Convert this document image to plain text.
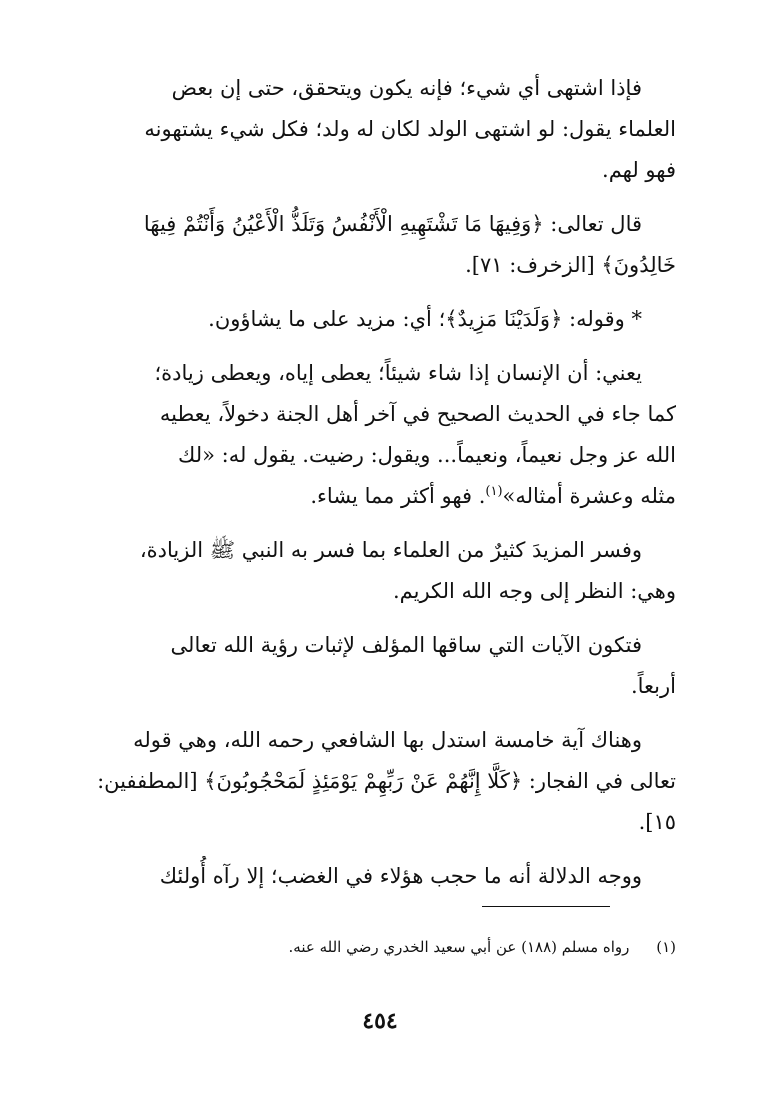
فإذا اشتهى أي شيء؛ فإنه يكون ويتحقق، حتى إن بعض
العلماء يقول: لو اشتهى الولد لكان له ولد؛ فكل شيء يشتهونه
فهو لهم.

قال تعالى: ﴿وَفِيهَا مَا تَشْتَهِيهِ الْأَنْفُسُ وَتَلَذُّ الْأَعْيُنُ وَأَنْتُمْ فِيهَا
خَالِدُونَ﴾ [الزخرف: ٧١].

* وقوله: ﴿وَلَدَيْنَا مَزِيدٌ﴾؛ أي: مزيد على ما يشاؤون.

يعني: أن الإنسان إذا شاء شيئاً؛ يعطى إياه، ويعطى زيادة؛
كما جاء في الحديث الصحيح في آخر أهل الجنة دخولاً، يعطيه
الله عز وجل نعيماً، ونعيماً... ويقول: رضيت. يقول له: «لك
مثله وعشرة أمثاله»$^{(١)}$. فهو أكثر مما يشاء.

وفسر المزيدَ كثيرٌ من العلماء بما فسر به النبي ﷺ الزيادة،
وهي: النظر إلى وجه الله الكريم.

فتكون الآيات التي ساقها المؤلف لإثبات رؤية الله تعالى
أربعاً.

وهناك آية خامسة استدل بها الشافعي رحمه الله، وهي قوله
تعالى في الفجار: ﴿كَلَّا إِنَّهُمْ عَنْ رَبِّهِمْ يَوْمَئِذٍ لَمَحْجُوبُونَ﴾ [المطففين:
١٥].

ووجه الدلالة أنه ما حجب هؤلاء في الغضب؛ إلا رآه أُولئك

(١) رواه مسلم (١٨٨) عن أبي سعيد الخدري رضي الله عنه.
٤٥٤
